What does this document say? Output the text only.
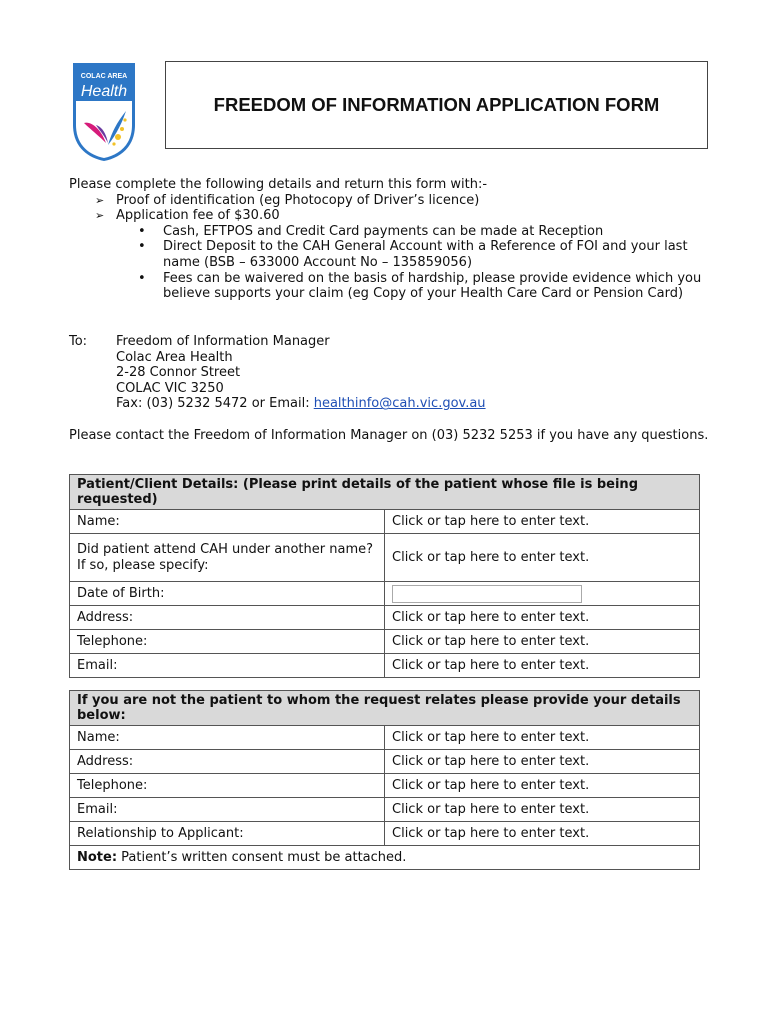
COLAC AREA
Health
FREEDOM OF INFORMATION APPLICATION FORM

Please complete the following details and return this form with:-

➢ Proof of identification (eg Photocopy of Driver’s licence)
➢ Application fee of $30.60
• Cash, EFTPOS and Credit Card payments can be made at Reception
• Direct Deposit to the CAH General Account with a Reference of FOI and your last name (BSB – 633000 Account No – 135859056)
• Fees can be waivered on the basis of hardship, please provide evidence which you believe supports your claim (eg Copy of your Health Care Card or Pension Card)
To: Freedom of Information Manager
Colac Area Health
2-28 Connor Street
COLAC VIC 3250
Fax: (03) 5232 5472 or Email: healthinfo@cah.vic.gov.au

Please contact the Freedom of Information Manager on (03) 5232 5253 if you have any questions.

Patient/Client Details: (Please print details of the patient whose file is being requested)	
Name:	Click or tap here to enter text.

Did patient attend CAH under another name?
If so, please specify:	Click or tap here to enter text.
Date of Birth:	

Address:	Click or tap here to enter text.
Telephone:	Click or tap here to enter text.
Email:	Click or tap here to enter text.
If you are not the patient to whom the request relates please provide your details below:	
Name:	Click or tap here to enter text.
Address:	Click or tap here to enter text.
Telephone:	Click or tap here to enter text.
Email:	Click or tap here to enter text.
Relationship to Applicant:	Click or tap here to enter text.
Note: Patient’s written consent must be attached.	
